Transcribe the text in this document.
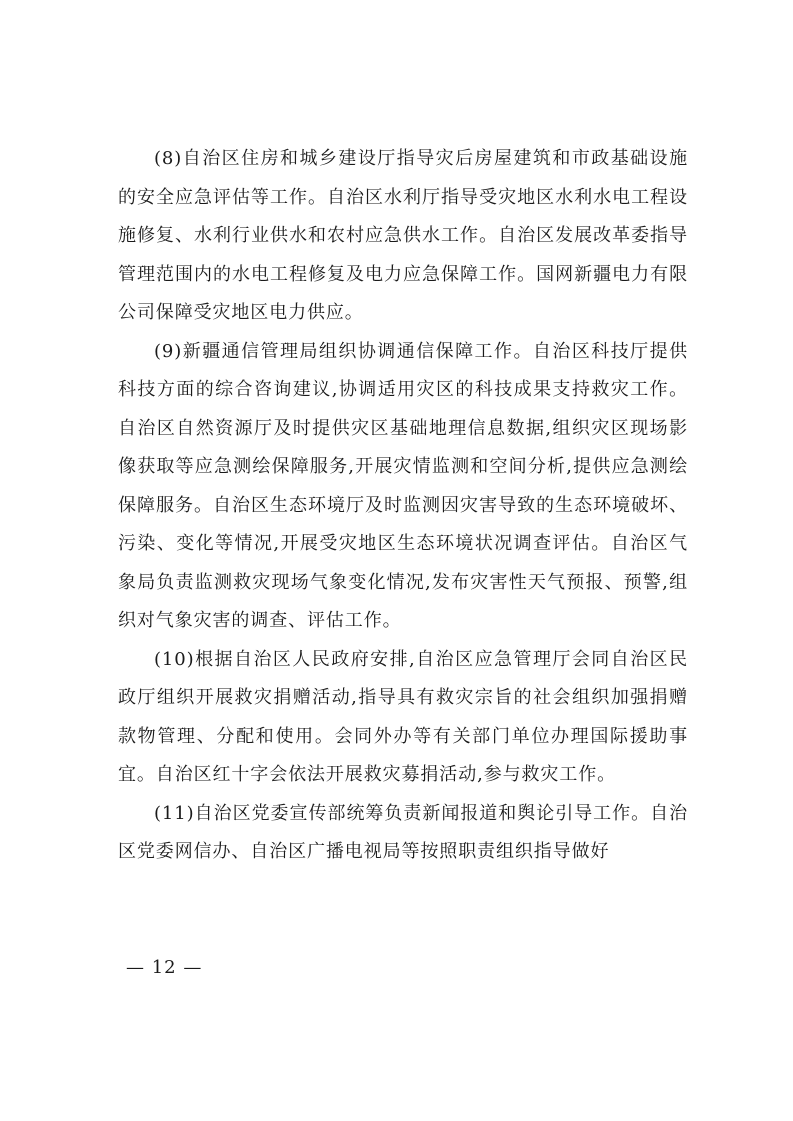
(8)自治区住房和城乡建设厅指导灾后房屋建筑和市政基础设施的安全应急评估等工作。自治区水利厅指导受灾地区水利水电工程设施修复、水利行业供水和农村应急供水工作。自治区发展改革委指导管理范围内的水电工程修复及电力应急保障工作。国网新疆电力有限公司保障受灾地区电力供应。

(9)新疆通信管理局组织协调通信保障工作。自治区科技厅提供科技方面的综合咨询建议,协调适用灾区的科技成果支持救灾工作。自治区自然资源厅及时提供灾区基础地理信息数据,组织灾区现场影像获取等应急测绘保障服务,开展灾情监测和空间分析,提供应急测绘保障服务。自治区生态环境厅及时监测因灾害导致的生态环境破坏、污染、变化等情况,开展受灾地区生态环境状况调查评估。自治区气象局负责监测救灾现场气象变化情况,发布灾害性天气预报、预警,组织对气象灾害的调查、评估工作。

(10)根据自治区人民政府安排,自治区应急管理厅会同自治区民政厅组织开展救灾捐赠活动,指导具有救灾宗旨的社会组织加强捐赠款物管理、分配和使用。会同外办等有关部门单位办理国际援助事宜。自治区红十字会依法开展救灾募捐活动,参与救灾工作。

(11)自治区党委宣传部统筹负责新闻报道和舆论引导工作。自治区党委网信办、自治区广播电视局等按照职责组织指导做好

— 12 —
